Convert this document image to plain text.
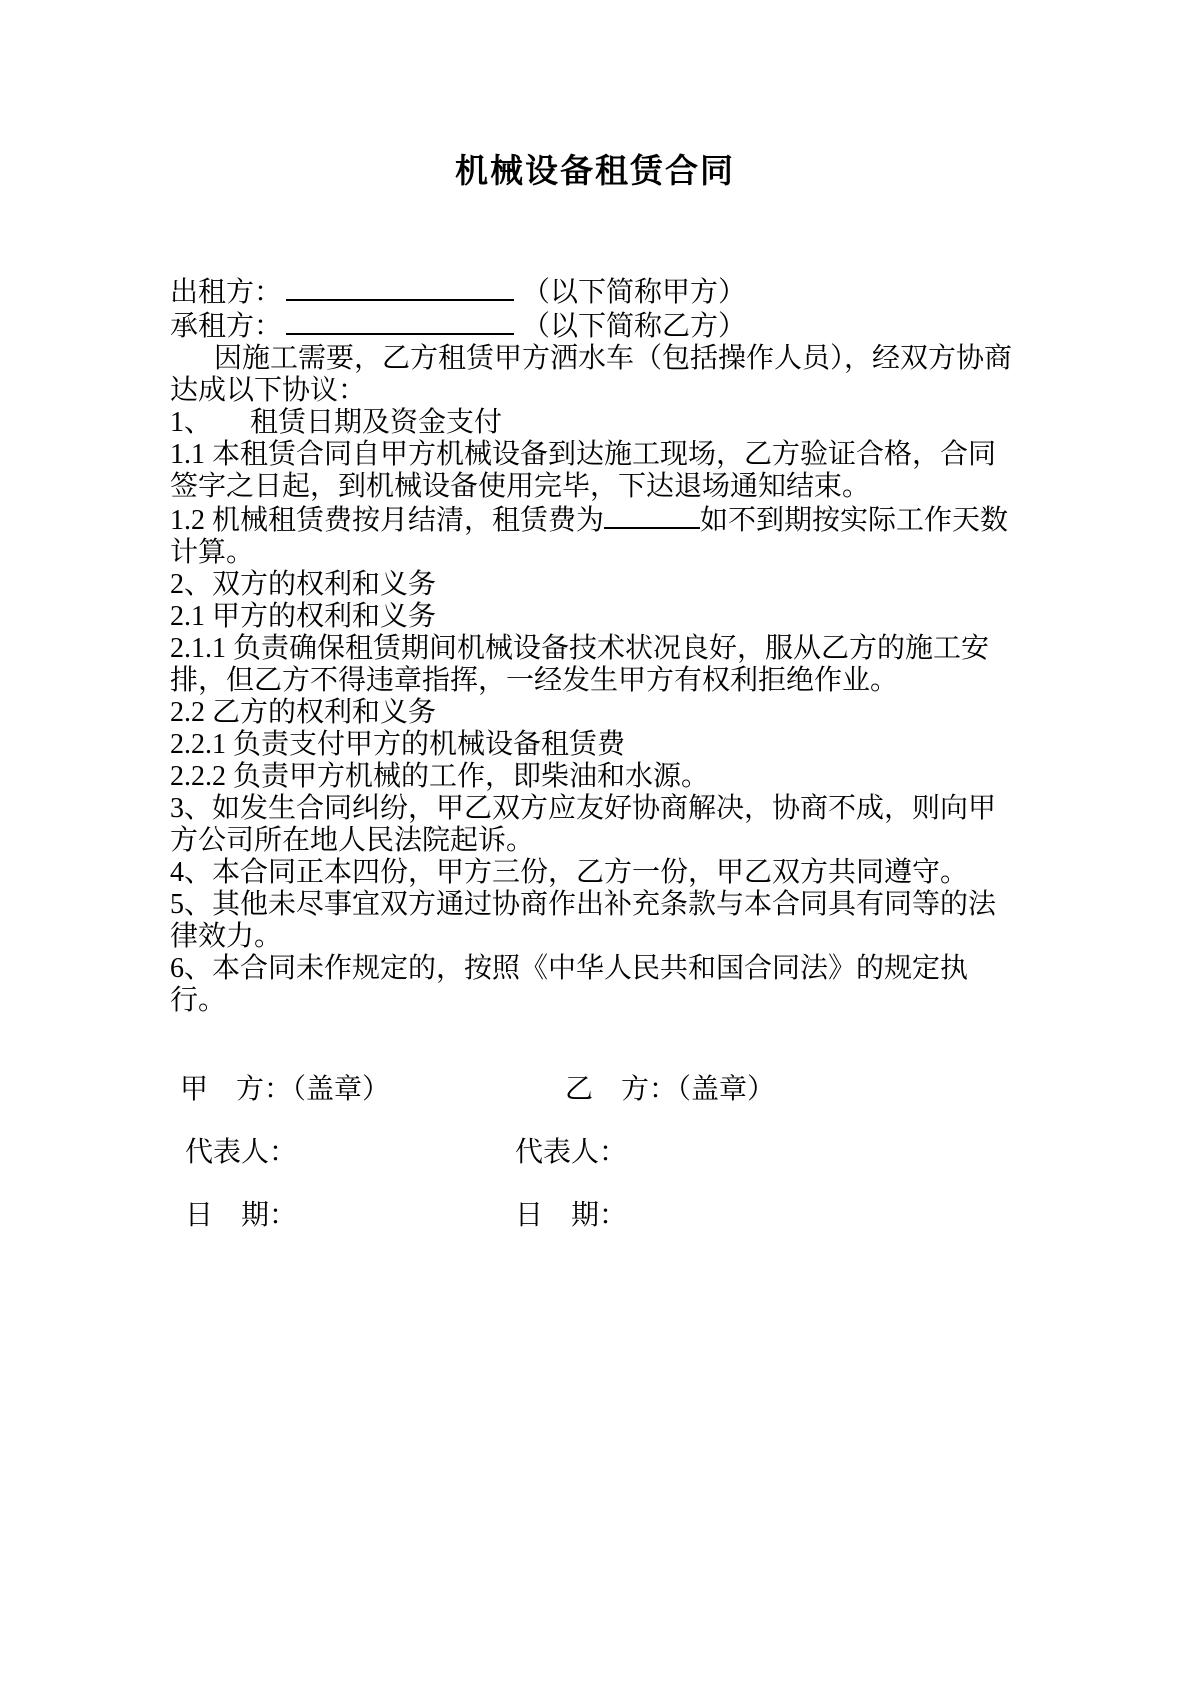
机械设备租赁合同

出租方：	（以下简称甲方）

承租方：	（以下简称乙方）

因施工需要，乙方租赁甲方洒水车（包括操作人员），经双方协商达成以下协议：

1、 租赁日期及资金支付

1.1 本租赁合同自甲方机械设备到达施工现场，乙方验证合格，合同签字之日起，到机械设备使用完毕，下达退场通知结束。

1.2 机械租赁费按月结清，租赁费为	如不到期按实际工作天数计算。

2、双方的权利和义务

2.1 甲方的权利和义务

2.1.1 负责确保租赁期间机械设备技术状况良好，服从乙方的施工安排，但乙方不得违章指挥，一经发生甲方有权利拒绝作业。

2.2 乙方的权利和义务

2.2.1 负责支付甲方的机械设备租赁费

2.2.2 负责甲方机械的工作，即柴油和水源。

3、如发生合同纠纷，甲乙双方应友好协商解决，协商不成，则向甲方公司所在地人民法院起诉。

4、本合同正本四份，甲方三份，乙方一份，甲乙双方共同遵守。

5、其他未尽事宜双方通过协商作出补充条款与本合同具有同等的法律效力。

6、本合同未作规定的，按照《中华人民共和国合同法》的规定执行。

甲　方：（盖章）	乙　方：（盖章）
代表人：	代表人：
日　期：	日　期：
